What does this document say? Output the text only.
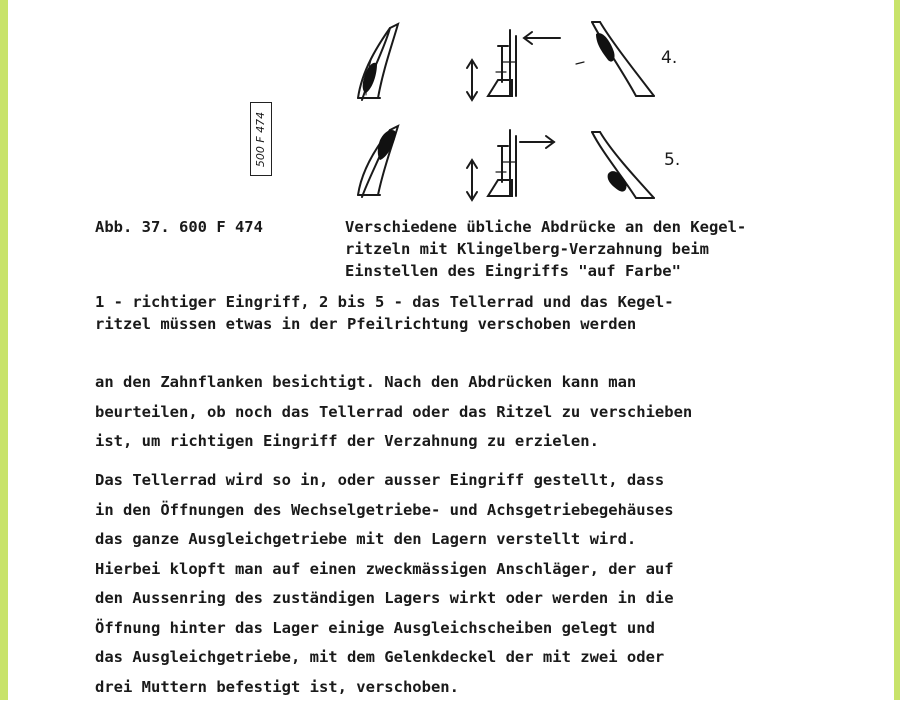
500 F 474
4.
5.
Abb. 37. 600 F 474	Verschiedene übliche Abdrücke an den Kegel-
ritzeln mit Klingelberg-Verzahnung beim
Einstellen des Eingriffs "auf Farbe"
1 - richtiger Eingriff, 2 bis 5 - das Tellerrad und das Kegel-
ritzel müssen etwas in der Pfeilrichtung verschoben werden
an den Zahnflanken besichtigt. Nach den Abdrücken kann man
beurteilen, ob noch das Tellerrad oder das Ritzel zu verschieben
ist, um richtigen Eingriff der Verzahnung zu erzielen.
Das Tellerrad wird so in, oder ausser Eingriff gestellt, dass
in den Öffnungen des Wechselgetriebe- und Achsgetriebegehäuses
das ganze Ausgleichgetriebe mit den Lagern verstellt wird.
Hierbei klopft man auf einen zweckmässigen Anschläger, der auf
den Aussenring des zuständigen Lagers wirkt oder werden in die
Öffnung hinter das Lager einige Ausgleichscheiben gelegt und
das Ausgleichgetriebe, mit dem Gelenkdeckel der mit zwei oder
drei Muttern befestigt ist, verschoben.
